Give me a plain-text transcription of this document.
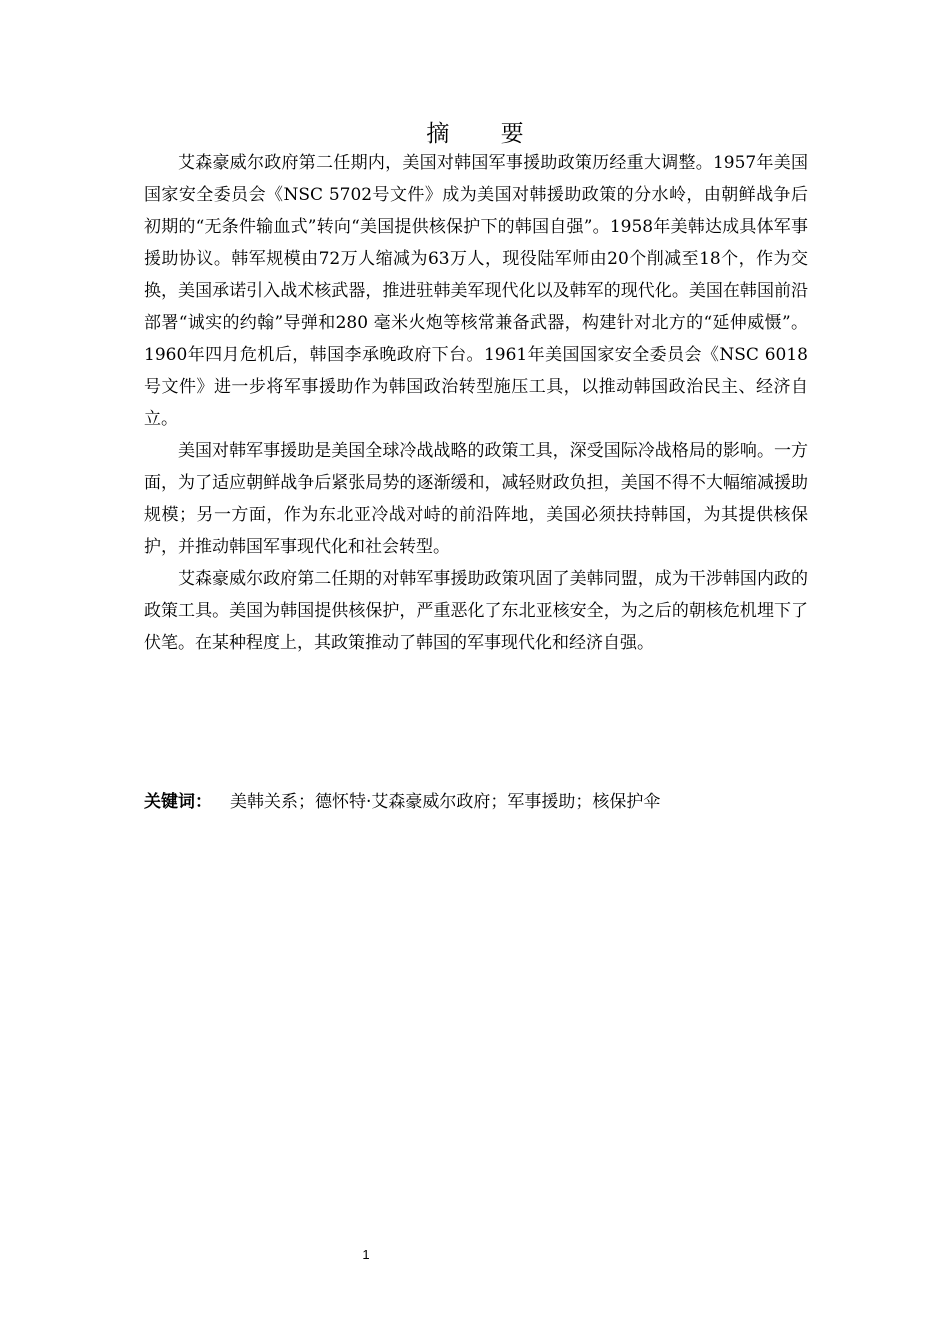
摘 要

艾森豪威尔政府第二任期内，美国对韩国军事援助政策历经重大调整。1957年美国国家安全委员会《NSC 5702号文件》成为美国对韩援助政策的分水岭，由朝鲜战争后初期的“无条件输血式”转向“美国提供核保护下的韩国自强”。1958年美韩达成具体军事援助协议。韩军规模由72万人缩减为63万人，现役陆军师由20个削减至18个，作为交换，美国承诺引入战术核武器，推进驻韩美军现代化以及韩军的现代化。美国在韩国前沿部署“诚实的约翰”导弹和280 毫米火炮等核常兼备武器，构建针对北方的“延伸威慑”。1960年四月危机后，韩国李承晚政府下台。1961年美国国家安全委员会《NSC 6018号文件》进一步将军事援助作为韩国政治转型施压工具，以推动韩国政治民主、经济自立。

美国对韩军事援助是美国全球冷战战略的政策工具，深受国际冷战格局的影响。一方面，为了适应朝鲜战争后紧张局势的逐渐缓和，减轻财政负担，美国不得不大幅缩减援助规模；另一方面，作为东北亚冷战对峙的前沿阵地，美国必须扶持韩国，为其提供核保护，并推动韩国军事现代化和社会转型。

艾森豪威尔政府第二任期的对韩军事援助政策巩固了美韩同盟，成为干涉韩国内政的政策工具。美国为韩国提供核保护，严重恶化了东北亚核安全，为之后的朝核危机埋下了伏笔。在某种程度上，其政策推动了韩国的军事现代化和经济自强。

关键词： 美韩关系；德怀特·艾森豪威尔政府；军事援助；核保护伞
1
